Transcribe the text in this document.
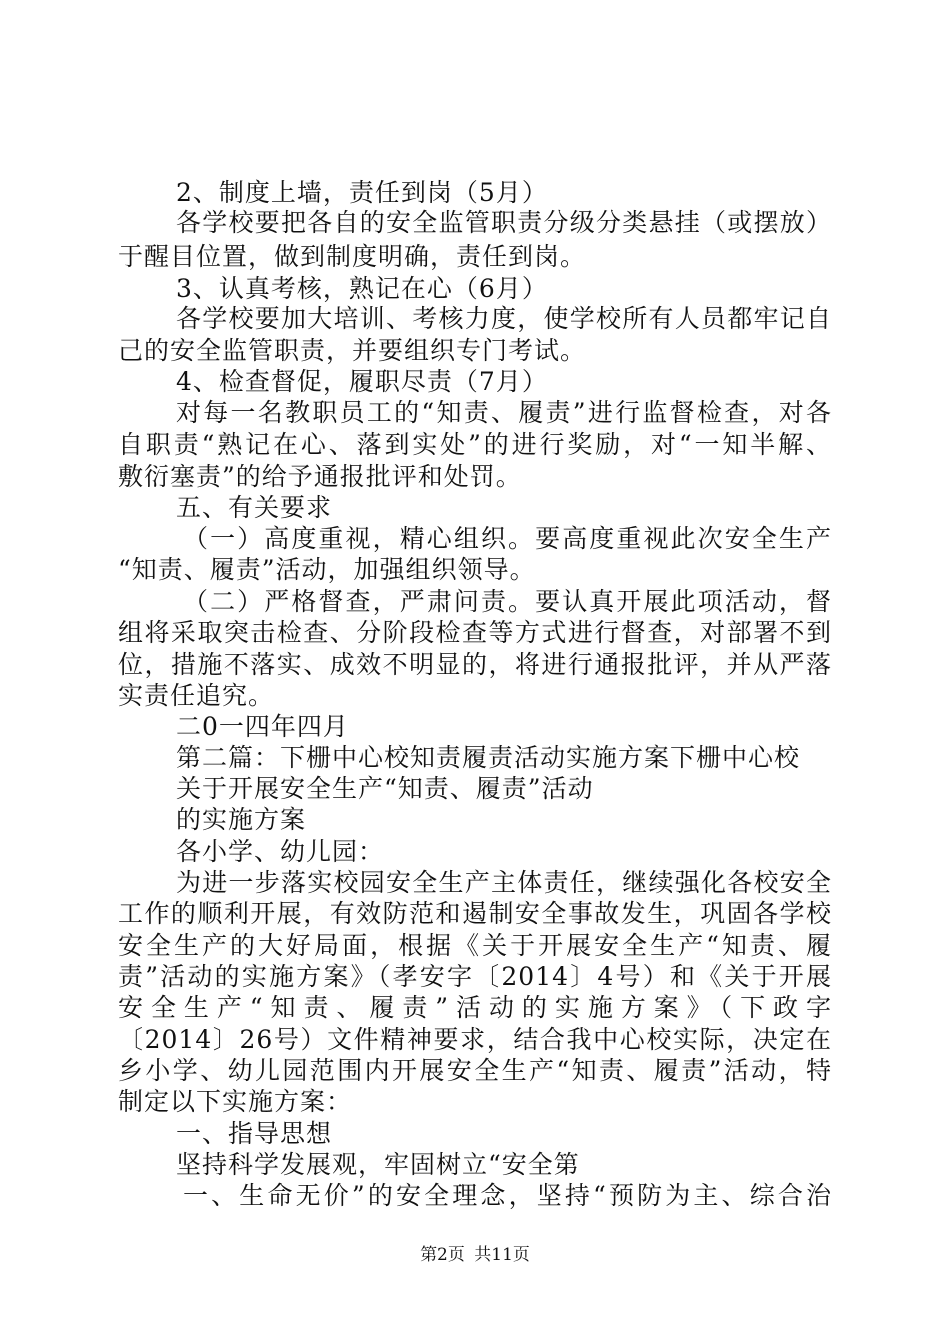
2、制度上墙，责任到岗（5月）
各学校要把各自的安全监管职责分级分类悬挂（或摆放）
于醒目位置，做到制度明确，责任到岗。
3、认真考核，熟记在心（6月）
各学校要加大培训、考核力度，使学校所有人员都牢记自
己的安全监管职责，并要组织专门考试。
4、检查督促，履职尽责（7月）
对每一名教职员工的“知责、履责”进行监督检查，对各
自职责“熟记在心、落到实处”的进行奖励，对“一知半解、
敷衍塞责”的给予通报批评和处罚。
五、有关要求
（一）高度重视，精心组织。要高度重视此次安全生产
“知责、履责”活动，加强组织领导。
（二）严格督查，严肃问责。要认真开展此项活动，督
组将采取突击检查、分阶段检查等方式进行督查，对部署不到
位，措施不落实、成效不明显的，将进行通报批评，并从严落
实责任追究。
二0一四年四月
第二篇：下栅中心校知责履责活动实施方案下栅中心校
关于开展安全生产“知责、履责”活动
的实施方案
各小学、幼儿园：
为进一步落实校园安全生产主体责任，继续强化各校安全
工作的顺利开展，有效防范和遏制安全事故发生，巩固各学校
安全生产的大好局面，根据《关于开展安全生产“知责、履
责”活动的实施方案》（孝安字〔2014〕4号）和《关于开展
安全生产“知责、履责”活动的实施方案》（下政字
〔2014〕26号）文件精神要求，结合我中心校实际，决定在
乡小学、幼儿园范围内开展安全生产“知责、履责”活动，特
制定以下实施方案：
一、指导思想
坚持科学发展观，牢固树立“安全第
一、生命无价”的安全理念，坚持“预防为主、综合治
第2页 共11页
